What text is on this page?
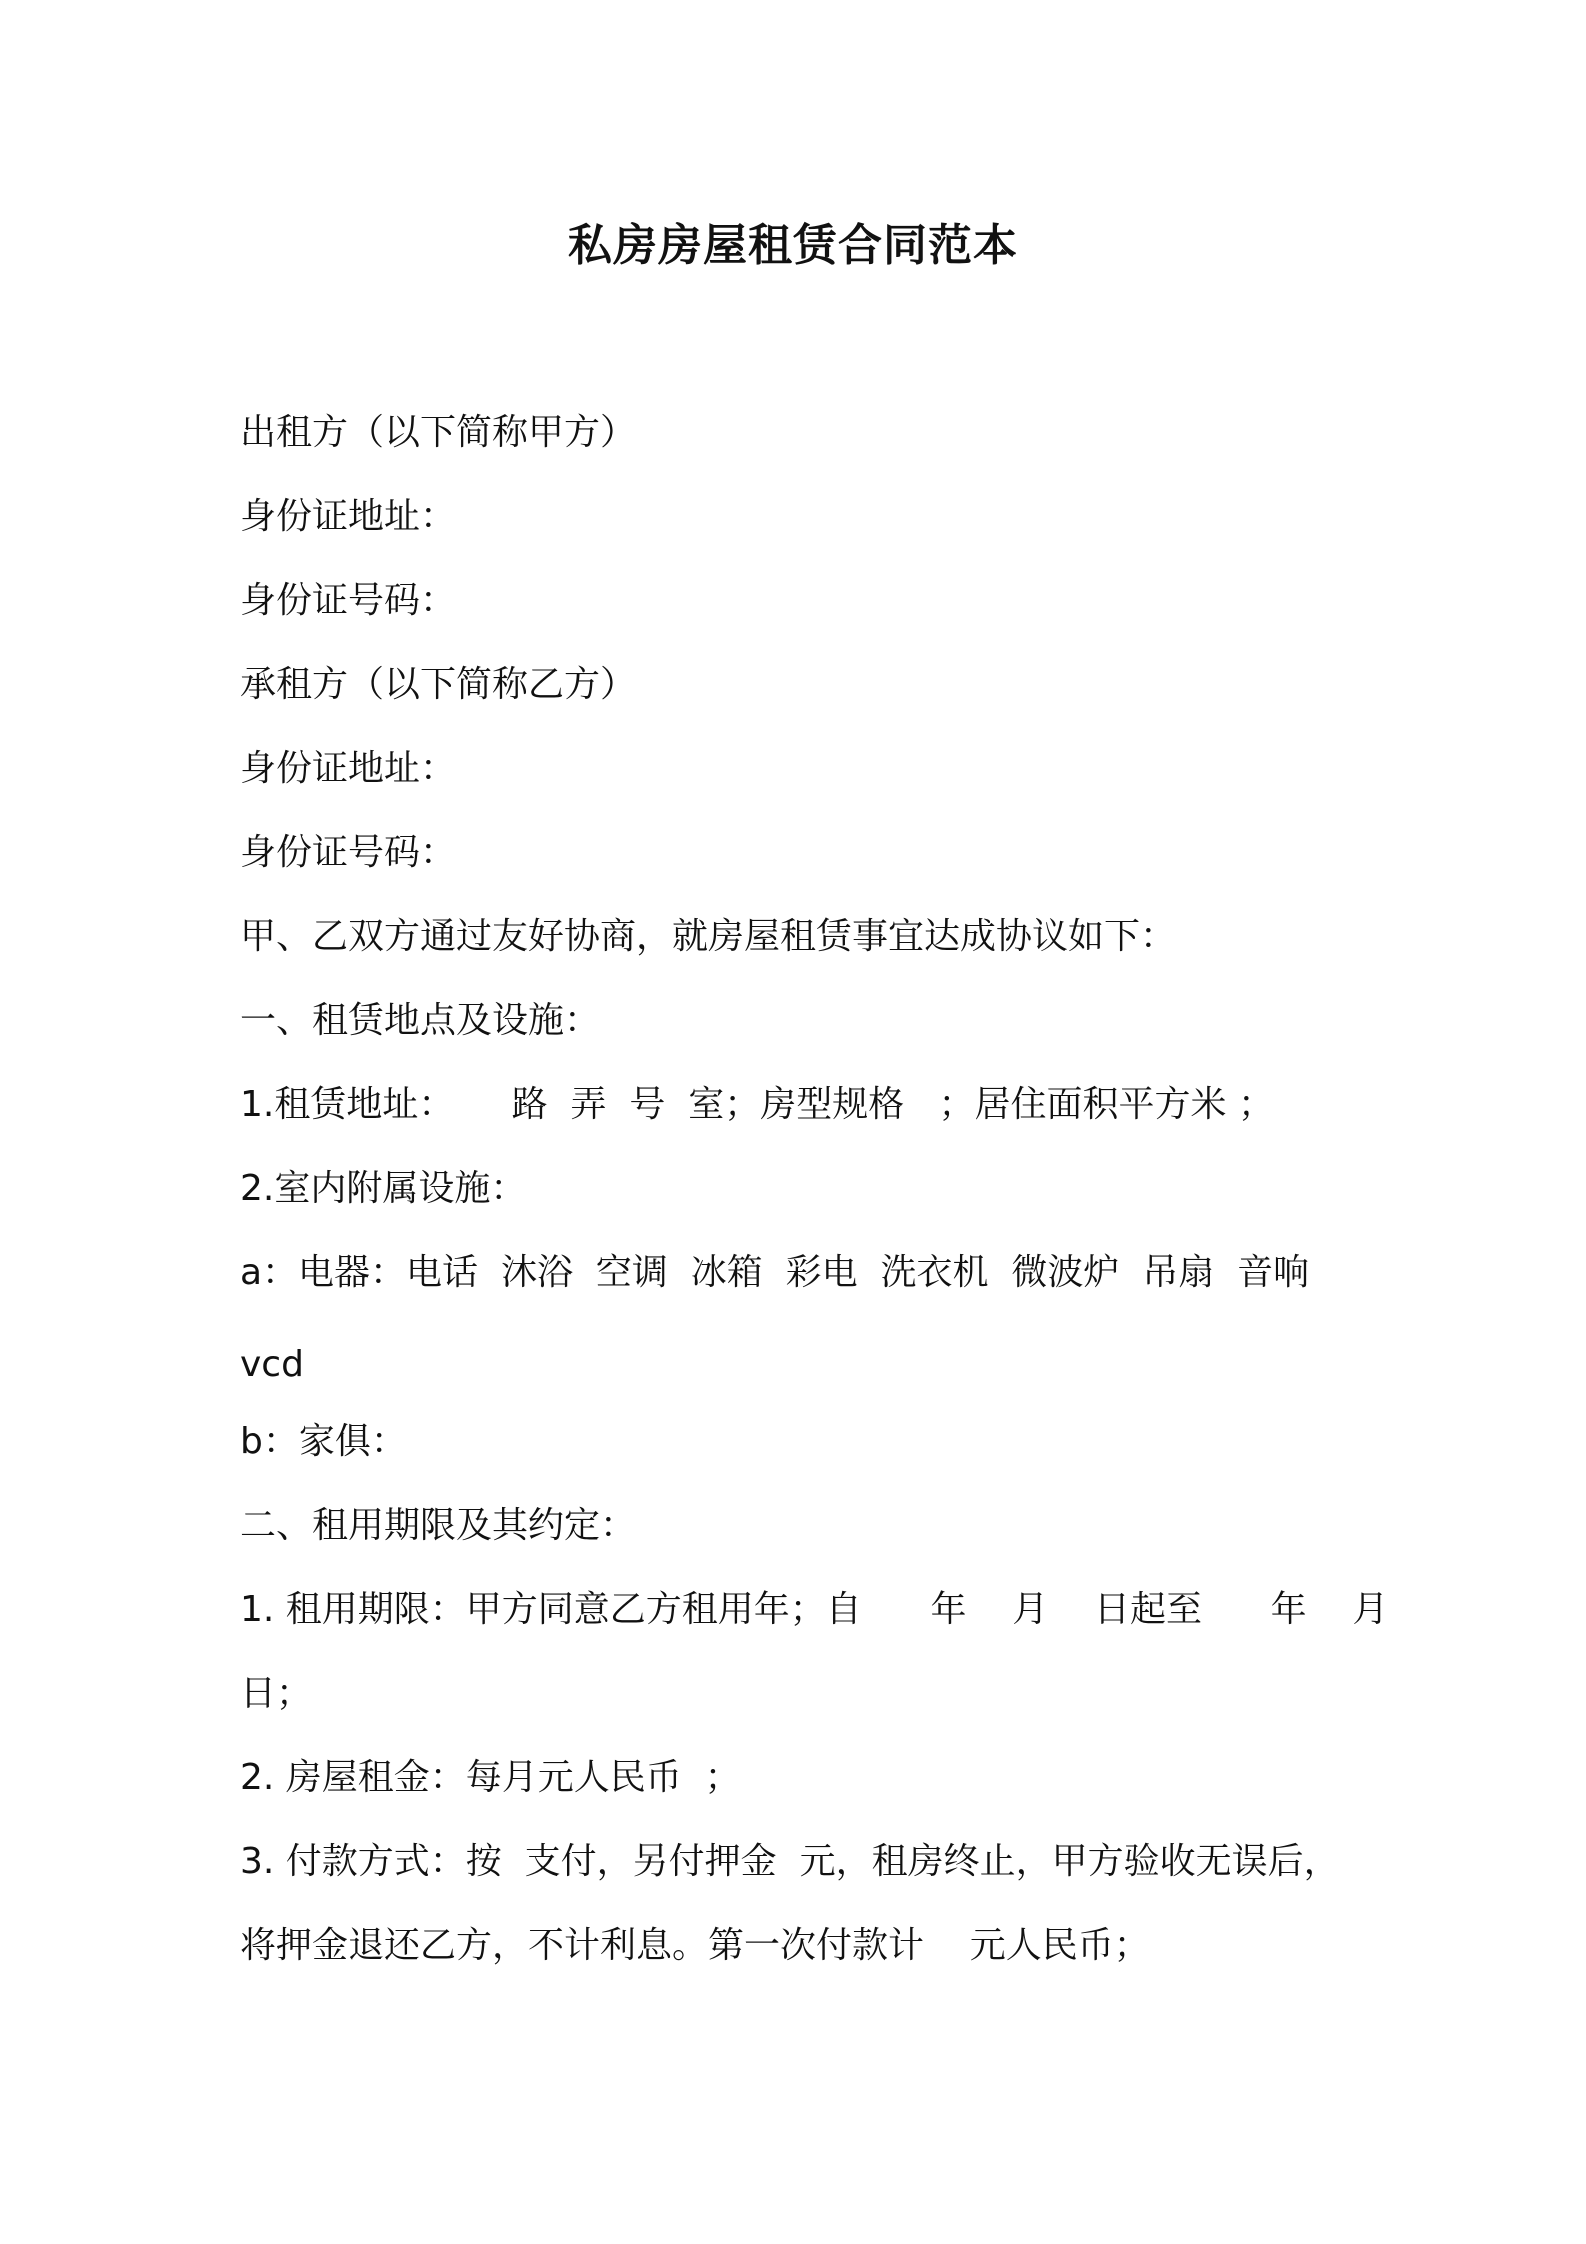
私房房屋租赁合同范本
出租方（以下简称甲方）
身份证地址：
身份证号码：
承租方（以下简称乙方）
身份证地址：
身份证号码：
甲、乙双方通过友好协商，就房屋租赁事宜达成协议如下：
一、租赁地点及设施：
1.租赁地址：     路  弄  号  室；房型规格   ；居住面积平方米 ；
2.室内附属设施：
a：电器：电话  沐浴  空调  冰箱  彩电  洗衣机  微波炉  吊扇  音响
vcd
b：家俱：
二、租用期限及其约定：
1. 租用期限：甲方同意乙方租用年；自      年    月    日起至      年    月
日；
2. 房屋租金：每月元人民币  ；
3. 付款方式：按  支付，另付押金  元，租房终止，甲方验收无误后，
将押金退还乙方，不计利息。第一次付款计    元人民币；
